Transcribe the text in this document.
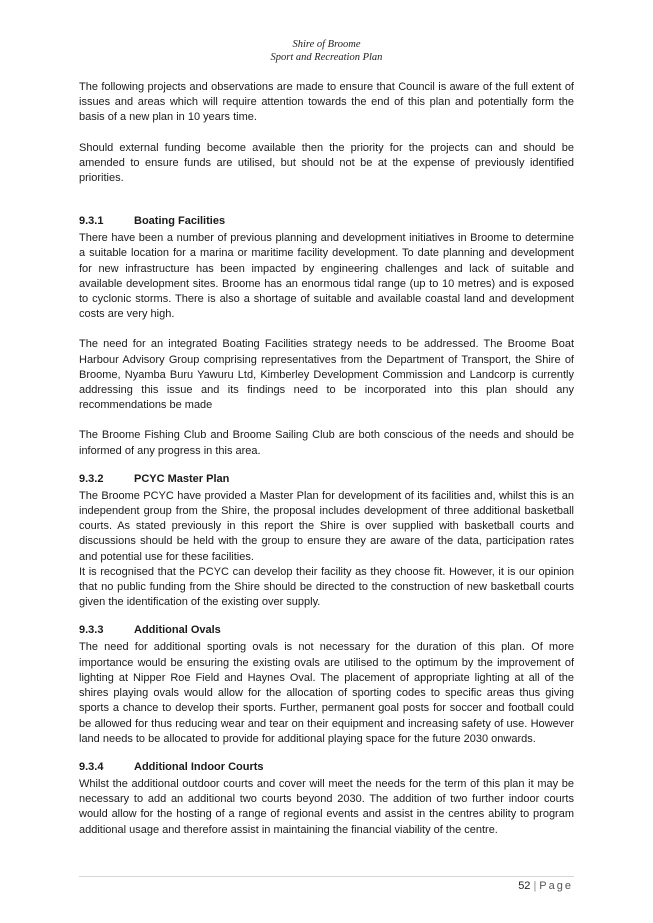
Shire of Broome
Sport and Recreation Plan

The following projects and observations are made to ensure that Council is aware of the full extent of issues and areas which will require attention towards the end of this plan and potentially form the basis of a new plan in 10 years time.

Should external funding become available then the priority for the projects can and should be amended to ensure funds are utilised, but should not be at the expense of previously identified priorities.

9.3.1	Boating Facilities

There have been a number of previous planning and development initiatives in Broome to determine a suitable location for a marina or maritime facility development. To date planning and development for new infrastructure has been impacted by engineering challenges and lack of suitable and available development sites. Broome has an enormous tidal range (up to 10 metres) and is exposed to cyclonic storms. There is also a shortage of suitable and available coastal land and development costs are very high.

The need for an integrated Boating Facilities strategy needs to be addressed. The Broome Boat Harbour Advisory Group comprising representatives from the Department of Transport, the Shire of Broome, Nyamba Buru Yawuru Ltd, Kimberley Development Commission and Landcorp is currently addressing this issue and its findings need to be incorporated into this plan should any recommendations be made

The Broome Fishing Club and Broome Sailing Club are both conscious of the needs and should be informed of any progress in this area.

9.3.2	PCYC Master Plan

The Broome PCYC have provided a Master Plan for development of its facilities and, whilst this is an independent group from the Shire, the proposal includes development of three additional basketball courts. As stated previously in this report the Shire is over supplied with basketball courts and discussions should be held with the group to ensure they are aware of the data, participation rates and potential use for these facilities.

It is recognised that the PCYC can develop their facility as they choose fit. However, it is our opinion that no public funding from the Shire should be directed to the construction of new basketball courts given the identification of the existing over supply.

9.3.3	Additional Ovals

The need for additional sporting ovals is not necessary for the duration of this plan. Of more importance would be ensuring the existing ovals are utilised to the optimum by the improvement of lighting at Nipper Roe Field and Haynes Oval. The placement of appropriate lighting at all of the shires playing ovals would allow for the allocation of sporting codes to specific areas thus giving sports a chance to develop their sports. Further, permanent goal posts for soccer and football could be allowed for thus reducing wear and tear on their equipment and increasing safety of use. However land needs to be allocated to provide for additional playing space for the future 2030 onwards.

9.3.4	Additional Indoor Courts

Whilst the additional outdoor courts and cover will meet the needs for the term of this plan it may be necessary to add an additional two courts beyond 2030. The addition of two further indoor courts would allow for the hosting of a range of regional events and assist in the centres ability to program additional usage and therefore assist in maintaining the financial viability of the centre.

52 | Page
